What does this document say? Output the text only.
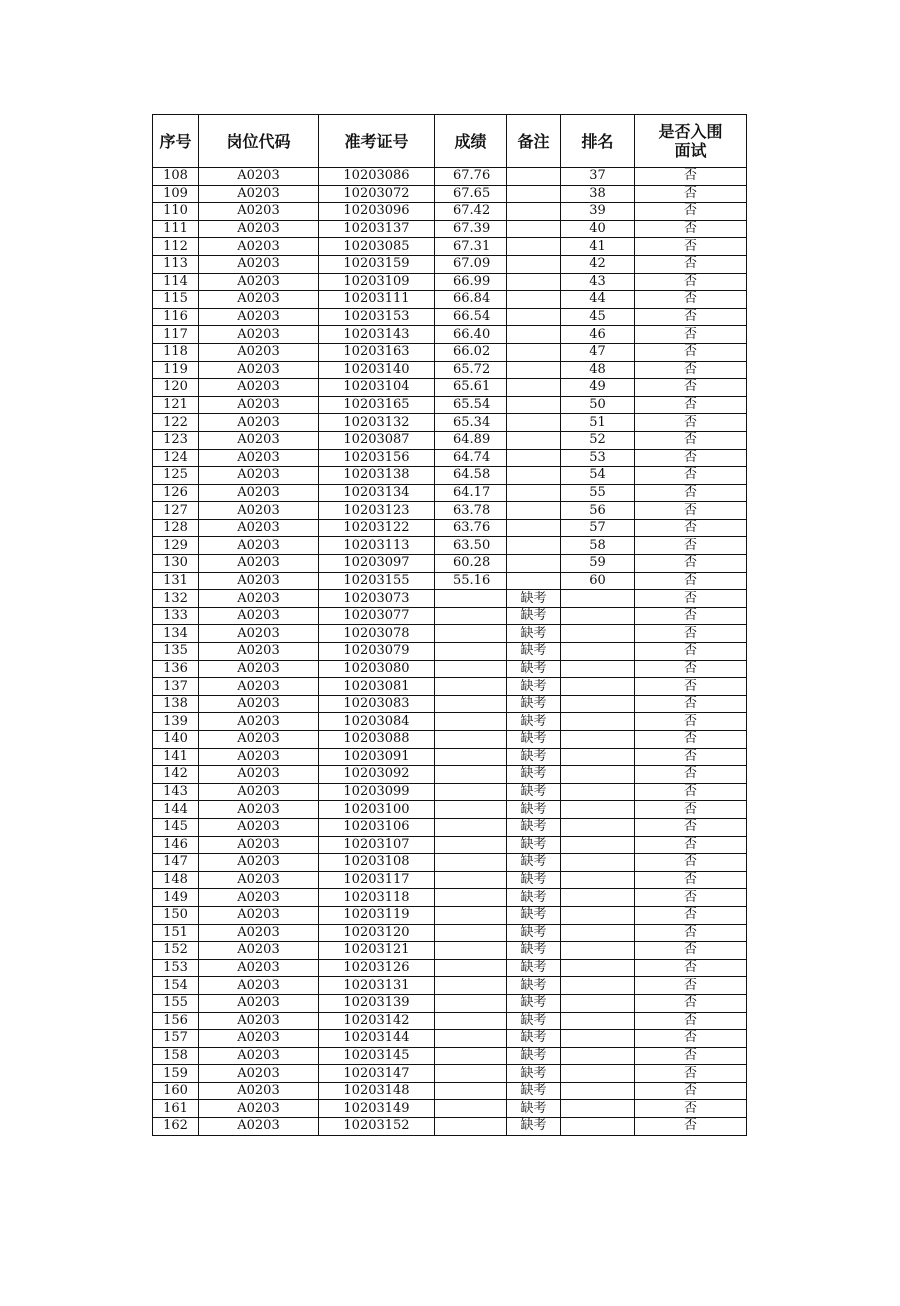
序号	岗位代码	准考证号	成绩	备注	排名	是否入围面试
108	A0203	10203086	67.76		37	否
109	A0203	10203072	67.65		38	否
110	A0203	10203096	67.42		39	否
111	A0203	10203137	67.39		40	否
112	A0203	10203085	67.31		41	否
113	A0203	10203159	67.09		42	否
114	A0203	10203109	66.99		43	否
115	A0203	10203111	66.84		44	否
116	A0203	10203153	66.54		45	否
117	A0203	10203143	66.40		46	否
118	A0203	10203163	66.02		47	否
119	A0203	10203140	65.72		48	否
120	A0203	10203104	65.61		49	否
121	A0203	10203165	65.54		50	否
122	A0203	10203132	65.34		51	否
123	A0203	10203087	64.89		52	否
124	A0203	10203156	64.74		53	否
125	A0203	10203138	64.58		54	否
126	A0203	10203134	64.17		55	否
127	A0203	10203123	63.78		56	否
128	A0203	10203122	63.76		57	否
129	A0203	10203113	63.50		58	否
130	A0203	10203097	60.28		59	否
131	A0203	10203155	55.16		60	否
132	A0203	10203073		缺考		否
133	A0203	10203077		缺考		否
134	A0203	10203078		缺考		否
135	A0203	10203079		缺考		否
136	A0203	10203080		缺考		否
137	A0203	10203081		缺考		否
138	A0203	10203083		缺考		否
139	A0203	10203084		缺考		否
140	A0203	10203088		缺考		否
141	A0203	10203091		缺考		否
142	A0203	10203092		缺考		否
143	A0203	10203099		缺考		否
144	A0203	10203100		缺考		否
145	A0203	10203106		缺考		否
146	A0203	10203107		缺考		否
147	A0203	10203108		缺考		否
148	A0203	10203117		缺考		否
149	A0203	10203118		缺考		否
150	A0203	10203119		缺考		否
151	A0203	10203120		缺考		否
152	A0203	10203121		缺考		否
153	A0203	10203126		缺考		否
154	A0203	10203131		缺考		否
155	A0203	10203139		缺考		否
156	A0203	10203142		缺考		否
157	A0203	10203144		缺考		否
158	A0203	10203145		缺考		否
159	A0203	10203147		缺考		否
160	A0203	10203148		缺考		否
161	A0203	10203149		缺考		否
162	A0203	10203152		缺考		否
